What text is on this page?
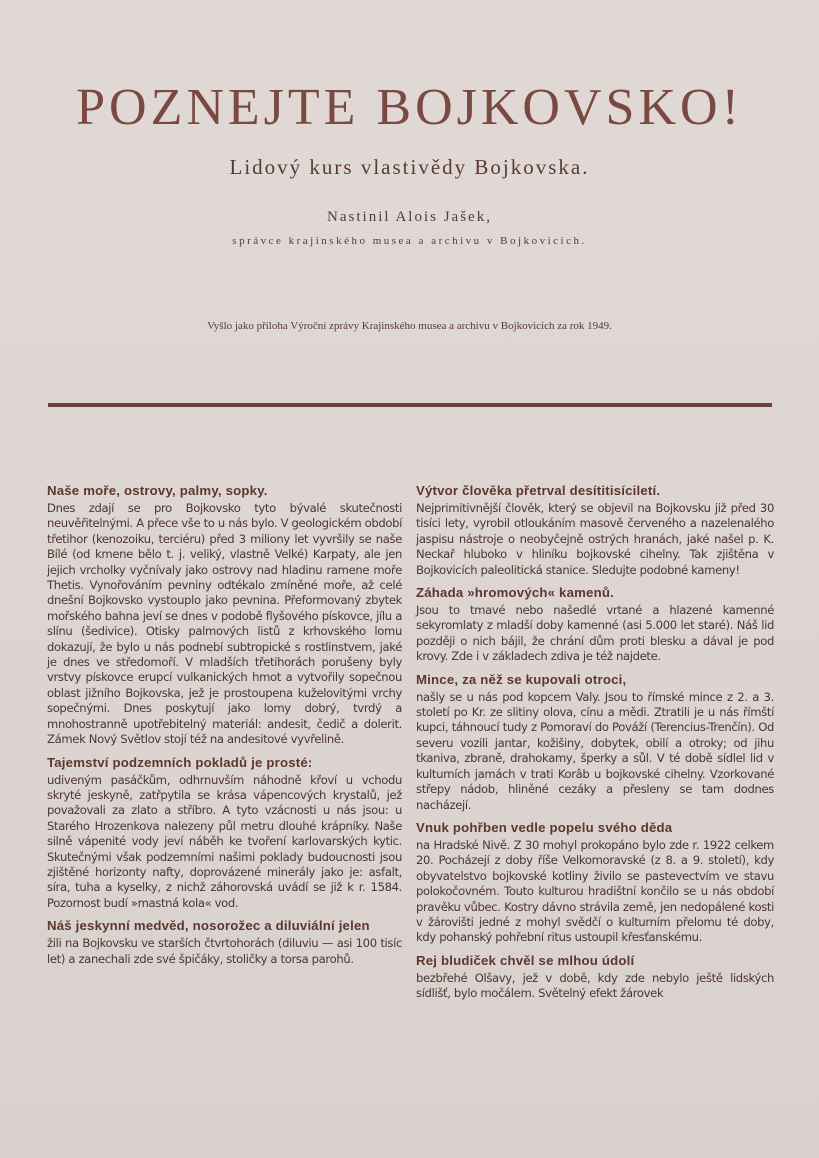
POZNEJTE BOJKOVSKO!
Lidový kurs vlastivědy Bojkovska.
Nastinil Alois Jašek,
správce krajinského musea a archivu v Bojkovicích.
Vyšlo jako příloha Výroční zprávy Krajinského musea a archivu v Bojkovicích za rok 1949.
Naše moře, ostrovy, palmy, sopky.
Dnes zdají se pro Bojkovsko tyto bývalé skutečnosti neuvěřitelnými. A přece vše to u nás bylo. V geologickém období třetihor (kenozoiku, terciéru) před 3 miliony let vyvršily se naše Bílé (od kmene bělo t. j. veliký, vlastně Velké) Karpaty, ale jen jejich vrcholky vyčnívaly jako ostrovy nad hladinu ramene moře Thetis. Vynořováním pevniny odtékalo zmíněné moře, až celé dnešní Bojkovsko vystouplo jako pevnina. Přeformovaný zbytek mořského bahna jeví se dnes v podobě flyšového pískovce, jílu a slínu (šedivice). Otisky palmových listů z krhovského lomu dokazují, že bylo u nás podnebí subtropické s rostlinstvem, jaké je dnes ve středomoří. V mladších třetihorách porušeny byly vrstvy pískovce erupcí vulkanických hmot a vytvořily sopečnou oblast jižního Bojkovska, jež je prostoupena kuželovitými vrchy sopečnými. Dnes poskytují jako lomy dobrý, tvrdý a mnohostranně upotřebitelný materiál: andesit, čedič a dolerit. Zámek Nový Světlov stojí též na andesitové vyvřelině.
Tajemství podzemních pokladů je prosté:
udiveným pasáčkům, odhrnuvším náhodně křoví u vchodu skryté jeskyně, zatřpytila se krása vápencových krystalů, jež považovali za zlato a stříbro. A tyto vzácnosti u nás jsou: u Starého Hrozenkova nalezeny půl metru dlouhé krápníky. Naše silně vápenité vody jeví náběh ke tvoření karlovarských kytic. Skutečnými však podzemními našimi poklady budoucnosti jsou zjištěné horizonty nafty, doprovázené minerály jako je: asfalt, síra, tuha a kyselky, z nichž záhorovská uvádí se již k r. 1584. Pozornost budí »mastná kola« vod.
Náš jeskynní medvěd, nosorožec a diluviální jelen
žili na Bojkovsku ve starších čtvrtohorách (diluviu — asi 100 tisíc let) a zanechali zde své špičáky, stoličky a torsa parohů.
Výtvor člověka přetrval desítitisíciletí.
Nejprimitivnější člověk, který se objevil na Bojkovsku již před 30 tisíci lety, vyrobil otloukáním masově červeného a nazelenalého jaspisu nástroje o neobyčejně ostrých hranách, jaké našel p. K. Neckař hluboko v hliníku bojkovské cihelny. Tak zjištěna v Bojkovicích paleolitická stanice. Sledujte podobné kameny!
Záhada »hromových« kamenů.
Jsou to tmavé nebo našedlé vrtané a hlazené kamenné sekyromlaty z mladší doby kamenné (asi 5.000 let staré). Náš lid později o nich bájil, že chrání dům proti blesku a dával je pod krovy. Zde i v základech zdiva je též najdete.
Mince, za něž se kupovali otroci,
našly se u nás pod kopcem Valy. Jsou to římské mince z 2. a 3. století po Kr. ze slitiny olova, cínu a mědi. Ztratili je u nás římští kupci, táhnoucí tudy z Pomoraví do Pováží (Terencius-Trenčín). Od severu vozili jantar, kožišiny, dobytek, obilí a otroky; od jihu tkaniva, zbraně, drahokamy, šperky a sůl. V té době sídlel lid v kulturních jamách v trati Korâb u bojkovské cihelny. Vzorkované střepy nádob, hliněné cezáky a přesleny se tam dodnes nacházejí.
Vnuk pohřben vedle popelu svého děda
na Hradské Nivě. Z 30 mohyl prokopáno bylo zde r. 1922 celkem 20. Pocházejí z doby říše Velkomoravské (z 8. a 9. století), kdy obyvatelstvo bojkovské kotliny živilo se pastevectvím ve stavu polokočovném. Touto kulturou hradištní končilo se u nás období pravěku vůbec. Kostry dávno strávila země, jen nedopálené kosti v žárovišti jedné z mohyl svědčí o kulturním přelomu té doby, kdy pohanský pohřební ritus ustoupil křesťanskému.
Rej bludiček chvěl se mlhou údolí
bezbřehé Olšavy, jež v době, kdy zde nebylo ještě lidských sídlišť, bylo močálem. Světelný efekt žárovek
